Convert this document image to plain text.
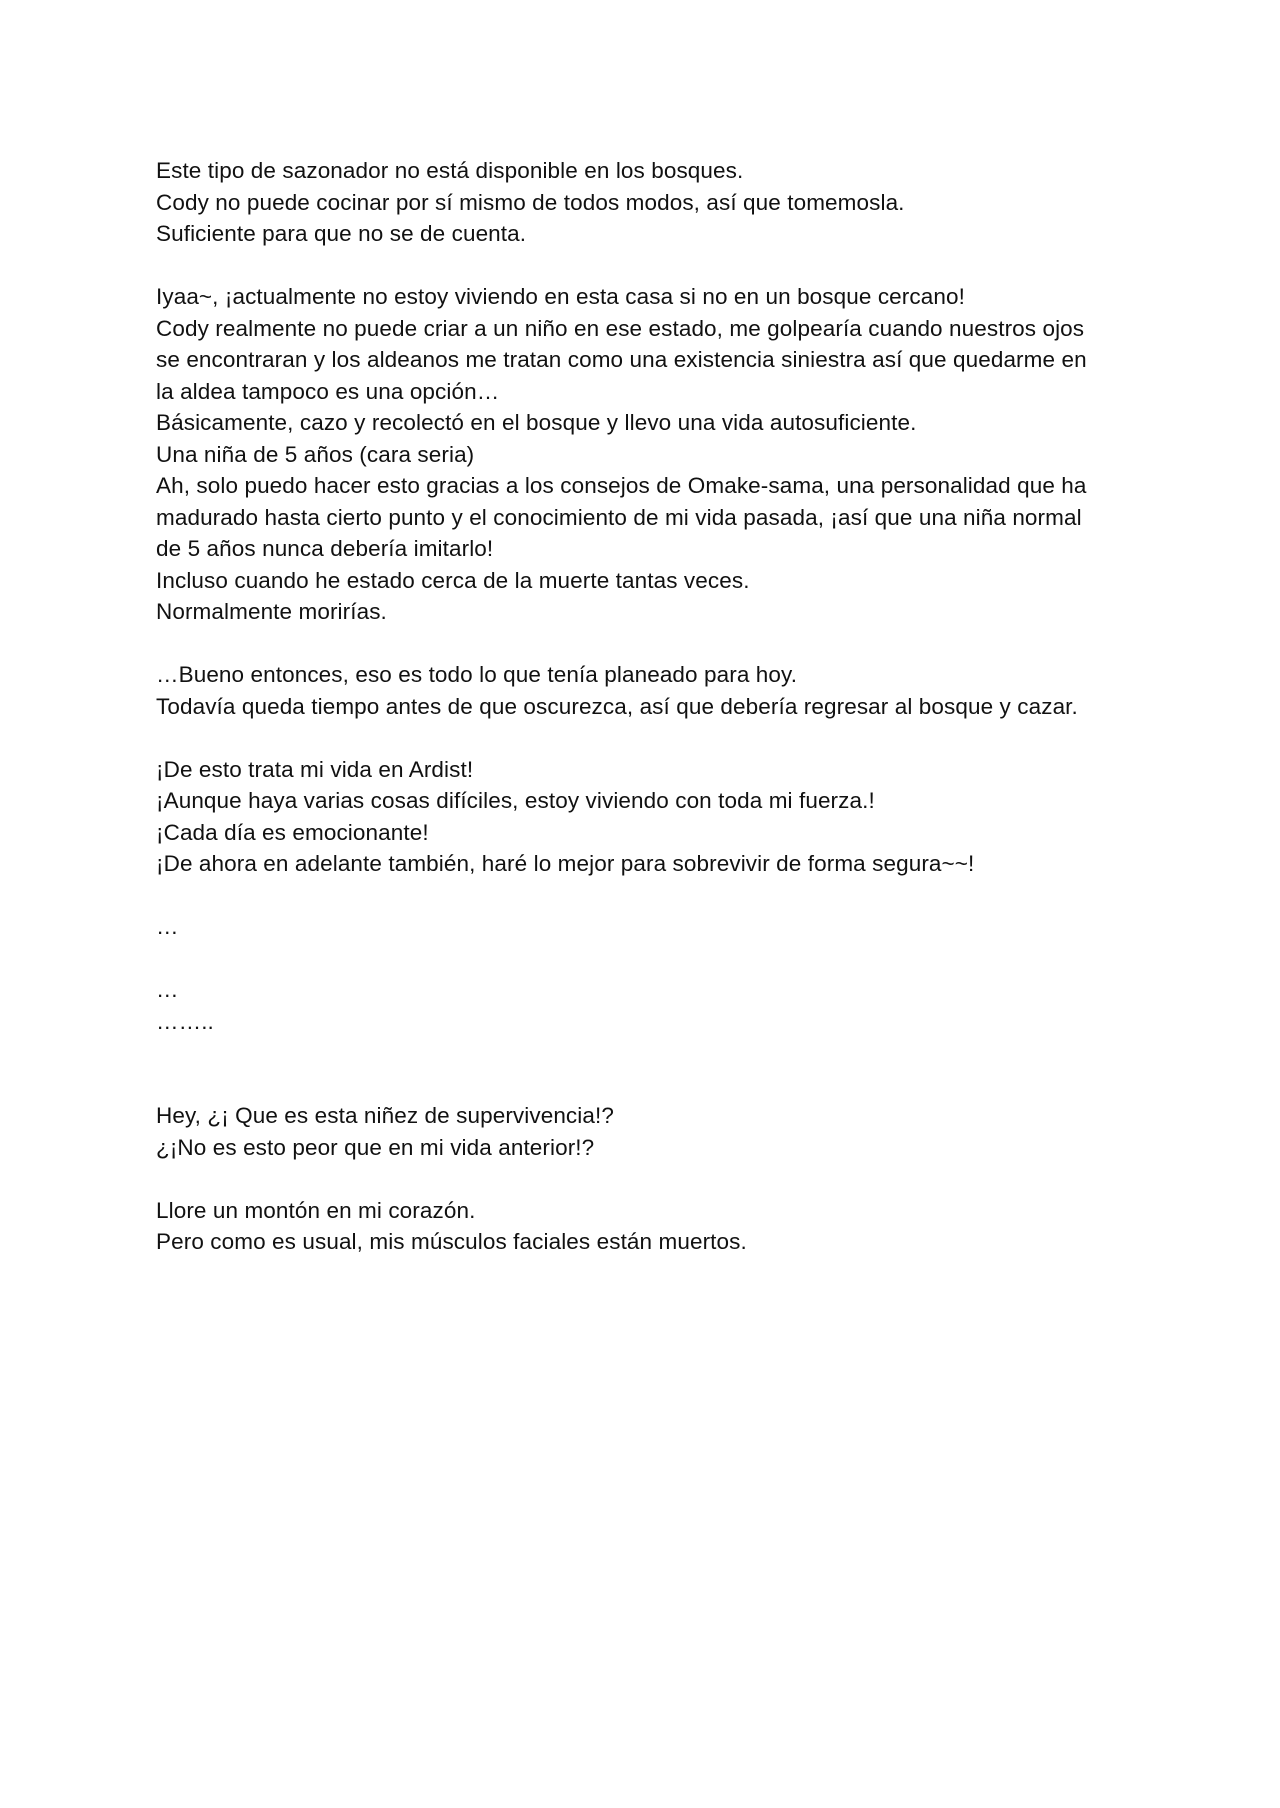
Este tipo de sazonador no está disponible en los bosques.
Cody no puede cocinar por sí mismo de todos modos, así que tomemosla.
Suficiente para que no se de cuenta.
Iyaa~, ¡actualmente no estoy viviendo en esta casa si no en un bosque cercano!
Cody realmente no puede criar a un niño en ese estado, me golpearía cuando nuestros ojos
se encontraran y los aldeanos me tratan como una existencia siniestra así que quedarme en
la aldea tampoco es una opción…
Básicamente, cazo y recolectó en el bosque y llevo una vida autosuficiente.
Una niña de 5 años (cara seria)
Ah, solo puedo hacer esto gracias a los consejos de Omake-sama, una personalidad que ha
madurado hasta cierto punto y el conocimiento de mi vida pasada, ¡así que una niña normal
de 5 años nunca debería imitarlo!
Incluso cuando he estado cerca de la muerte tantas veces.
Normalmente morirías.
…Bueno entonces, eso es todo lo que tenía planeado para hoy.
Todavía queda tiempo antes de que oscurezca, así que debería regresar al bosque y cazar.
¡De esto trata mi vida en Ardist!
¡Aunque haya varias cosas difíciles, estoy viviendo con toda mi fuerza.!
¡Cada día es emocionante!
¡De ahora en adelante también, haré lo mejor para sobrevivir de forma segura~~!
…
…
……..
Hey, ¿¡ Que es esta niñez de supervivencia!?
¿¡No es esto peor que en mi vida anterior!?
Llore un montón en mi corazón.
Pero como es usual, mis músculos faciales están muertos.
